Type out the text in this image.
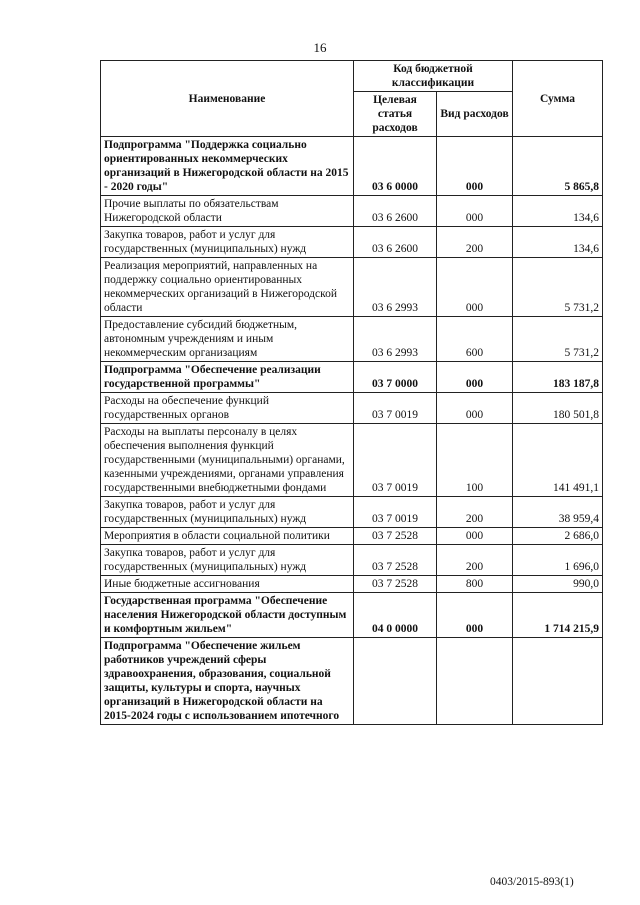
16
Наименование	Код бюджетной классификации		Сумма
	Целевая статья расходов	Вид расходов	
Подпрограмма "Поддержка социально ориентированных некоммерческих организаций в Нижегородской области на 2015 - 2020 годы"	03 6 0000	000	5 865,8
Прочие выплаты по обязательствам Нижегородской области	03 6 2600	000	134,6
Закупка товаров, работ и услуг для государственных (муниципальных) нужд	03 6 2600	200	134,6
Реализация мероприятий, направленных на поддержку социально ориентированных некоммерческих организаций в Нижегородской области	03 6 2993	000	5 731,2
Предоставление субсидий бюджетным, автономным учреждениям и иным некоммерческим организациям	03 6 2993	600	5 731,2
Подпрограмма "Обеспечение реализации государственной программы"	03 7 0000	000	183 187,8
Расходы на обеспечение функций государственных органов	03 7 0019	000	180 501,8
Расходы на выплаты персоналу в целях обеспечения выполнения функций государственными (муниципальными) органами, казенными учреждениями, органами управления государственными внебюджетными фондами	03 7 0019	100	141 491,1
Закупка товаров, работ и услуг для государственных (муниципальных) нужд	03 7 0019	200	38 959,4
Мероприятия в области социальной политики	03 7 2528	000	2 686,0
Закупка товаров, работ и услуг для государственных (муниципальных) нужд	03 7 2528	200	1 696,0
Иные бюджетные ассигнования	03 7 2528	800	990,0
Государственная программа "Обеспечение населения Нижегородской области доступным и комфортным жильем"	04 0 0000	000	1 714 215,9
Подпрограмма "Обеспечение жильем работников учреждений сферы здравоохранения, образования, социальной защиты, культуры и спорта, научных организаций в Нижегородской области на 2015-2024 годы с использованием ипотечного			
0403/2015-893(1)
